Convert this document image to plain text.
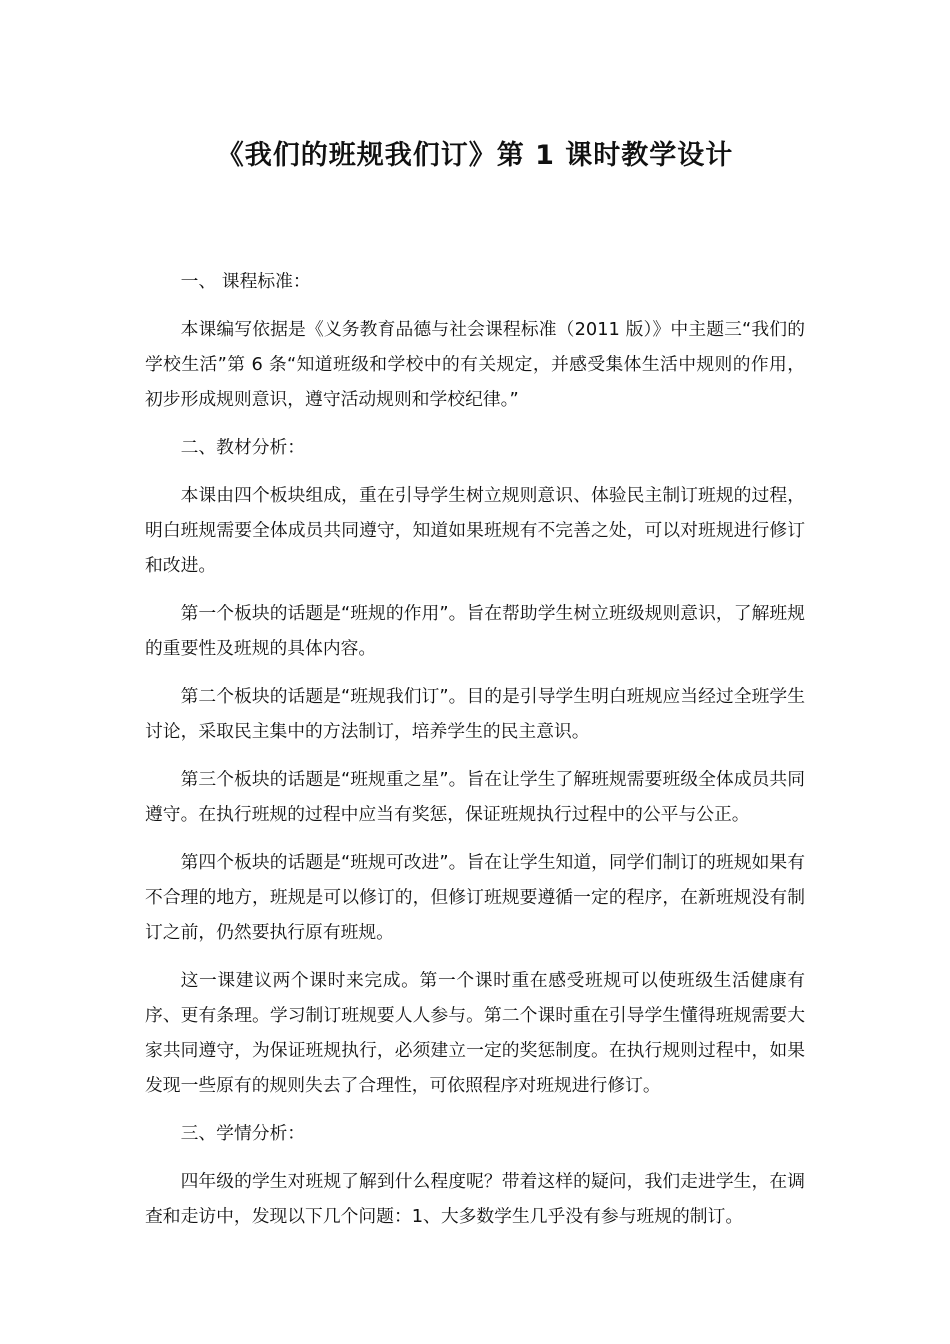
《我们的班规我们订》第 1 课时教学设计
一、 课程标准：
本课编写依据是《义务教育品德与社会课程标准（2011 版）》中主题三“我们的学校生活”第 6 条“知道班级和学校中的有关规定，并感受集体生活中规则的作用，初步形成规则意识，遵守活动规则和学校纪律。”
二、教材分析：
本课由四个板块组成，重在引导学生树立规则意识、体验民主制订班规的过程，明白班规需要全体成员共同遵守，知道如果班规有不完善之处，可以对班规进行修订和改进。
第一个板块的话题是“班规的作用”。旨在帮助学生树立班级规则意识，了解班规的重要性及班规的具体内容。
第二个板块的话题是“班规我们订”。目的是引导学生明白班规应当经过全班学生讨论，采取民主集中的方法制订，培养学生的民主意识。
第三个板块的话题是“班规重之星”。旨在让学生了解班规需要班级全体成员共同遵守。在执行班规的过程中应当有奖惩，保证班规执行过程中的公平与公正。
第四个板块的话题是“班规可改进”。旨在让学生知道，同学们制订的班规如果有不合理的地方，班规是可以修订的，但修订班规要遵循一定的程序，在新班规没有制订之前，仍然要执行原有班规。
这一课建议两个课时来完成。第一个课时重在感受班规可以使班级生活健康有序、更有条理。学习制订班规要人人参与。第二个课时重在引导学生懂得班规需要大家共同遵守，为保证班规执行，必须建立一定的奖惩制度。在执行规则过程中，如果发现一些原有的规则失去了合理性，可依照程序对班规进行修订。
三、学情分析：
四年级的学生对班规了解到什么程度呢？带着这样的疑问，我们走进学生，在调查和走访中，发现以下几个问题：1、大多数学生几乎没有参与班规的制订。
